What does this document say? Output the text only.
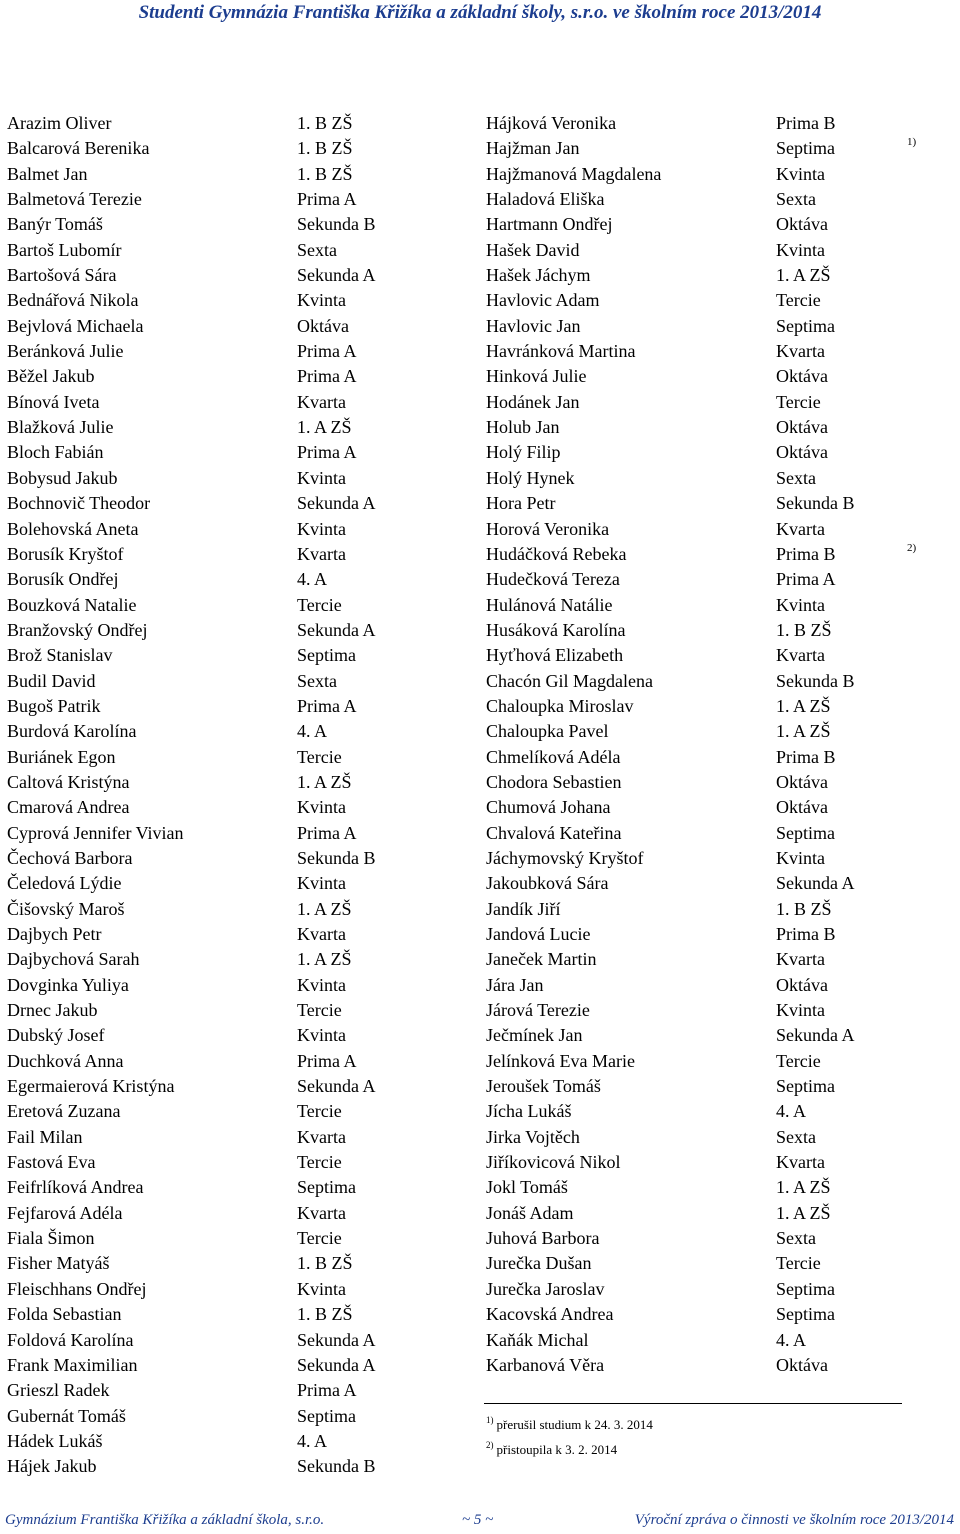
Studenti Gymnázia Františka Křižíka a základní školy, s.r.o. ve školním roce 2013/2014
Arazim Oliver	1. B ZŠ
Balcarová Berenika	1. B ZŠ
Balmet Jan	1. B ZŠ
Balmetová Terezie	Prima A
Banýr Tomáš	Sekunda B
Bartoš Lubomír	Sexta
Bartošová Sára	Sekunda A
Bednářová Nikola	Kvinta
Bejvlová Michaela	Oktáva
Beránková Julie	Prima A
Běžel Jakub	Prima A
Bínová Iveta	Kvarta
Blažková Julie	1. A ZŠ
Bloch Fabián	Prima A
Bobysud Jakub	Kvinta
Bochnovič Theodor	Sekunda A
Bolehovská Aneta	Kvinta
Borusík Kryštof	Kvarta
Borusík Ondřej	4. A
Bouzková Natalie	Tercie
Branžovský Ondřej	Sekunda A
Brož Stanislav	Septima
Budil David	Sexta
Bugoš Patrik	Prima A
Burdová Karolína	4. A
Buriánek Egon	Tercie
Caltová Kristýna	1. A ZŠ
Cmarová Andrea	Kvinta
Cyprová Jennifer Vivian	Prima A
Čechová Barbora	Sekunda B
Čeledová Lýdie	Kvinta
Čišovský Maroš	1. A ZŠ
Dajbych Petr	Kvarta
Dajbychová Sarah	1. A ZŠ
Dovginka Yuliya	Kvinta
Drnec Jakub	Tercie
Dubský Josef	Kvinta
Duchková Anna	Prima A
Egermaierová Kristýna	Sekunda A
Eretová Zuzana	Tercie
Fail Milan	Kvarta
Fastová Eva	Tercie
Feifrlíková Andrea	Septima
Fejfarová Adéla	Kvarta
Fiala Šimon	Tercie
Fisher Matyáš	1. B ZŠ
Fleischhans Ondřej	Kvinta
Folda Sebastian	1. B ZŠ
Foldová Karolína	Sekunda A
Frank Maximilian	Sekunda A
Grieszl Radek	Prima A
Gubernát Tomáš	Septima
Hádek Lukáš	4. A
Hájek Jakub	Sekunda B
Hájková Veronika	Prima B
Hajžman Jan	Septima	1)
Hajžmanová Magdalena	Kvinta
Haladová Eliška	Sexta
Hartmann Ondřej	Oktáva
Hašek David	Kvinta
Hašek Jáchym	1. A ZŠ
Havlovic Adam	Tercie
Havlovic Jan	Septima
Havránková Martina	Kvarta
Hinková Julie	Oktáva
Hodánek Jan	Tercie
Holub Jan	Oktáva
Holý Filip	Oktáva
Holý Hynek	Sexta
Hora Petr	Sekunda B
Horová Veronika	Kvarta
Hudáčková Rebeka	Prima B	2)
Hudečková Tereza	Prima A
Hulánová Natálie	Kvinta
Husáková Karolína	1. B ZŠ
Hyťhová Elizabeth	Kvarta
Chacón Gil Magdalena	Sekunda B
Chaloupka Miroslav	1. A ZŠ
Chaloupka Pavel	1. A ZŠ
Chmelíková Adéla	Prima B
Chodora Sebastien	Oktáva
Chumová Johana	Oktáva
Chvalová Kateřina	Septima
Jáchymovský Kryštof	Kvinta
Jakoubková Sára	Sekunda A
Jandík Jiří	1. B ZŠ
Jandová Lucie	Prima B
Janeček Martin	Kvarta
Jára Jan	Oktáva
Járová Terezie	Kvinta
Ječmínek Jan	Sekunda A
Jelínková Eva Marie	Tercie
Jeroušek Tomáš	Septima
Jícha Lukáš	4. A
Jirka Vojtěch	Sexta
Jiříkovicová Nikol	Kvarta
Jokl Tomáš	1. A ZŠ
Jonáš Adam	1. A ZŠ
Juhová Barbora	Sexta
Jurečka Dušan	Tercie
Jurečka Jaroslav	Septima
Kacovská Andrea	Septima
Kaňák Michal	4. A
Karbanová Věra	Oktáva
$^{1)}$ přerušil studium k 24. 3. 2014
$^{2)}$ přistoupila k 3. 2. 2014
Gymnázium Františka Křižíka a základní škola, s.r.o.	~ 5 ~	Výroční zpráva o činnosti ve školním roce 2013/2014
